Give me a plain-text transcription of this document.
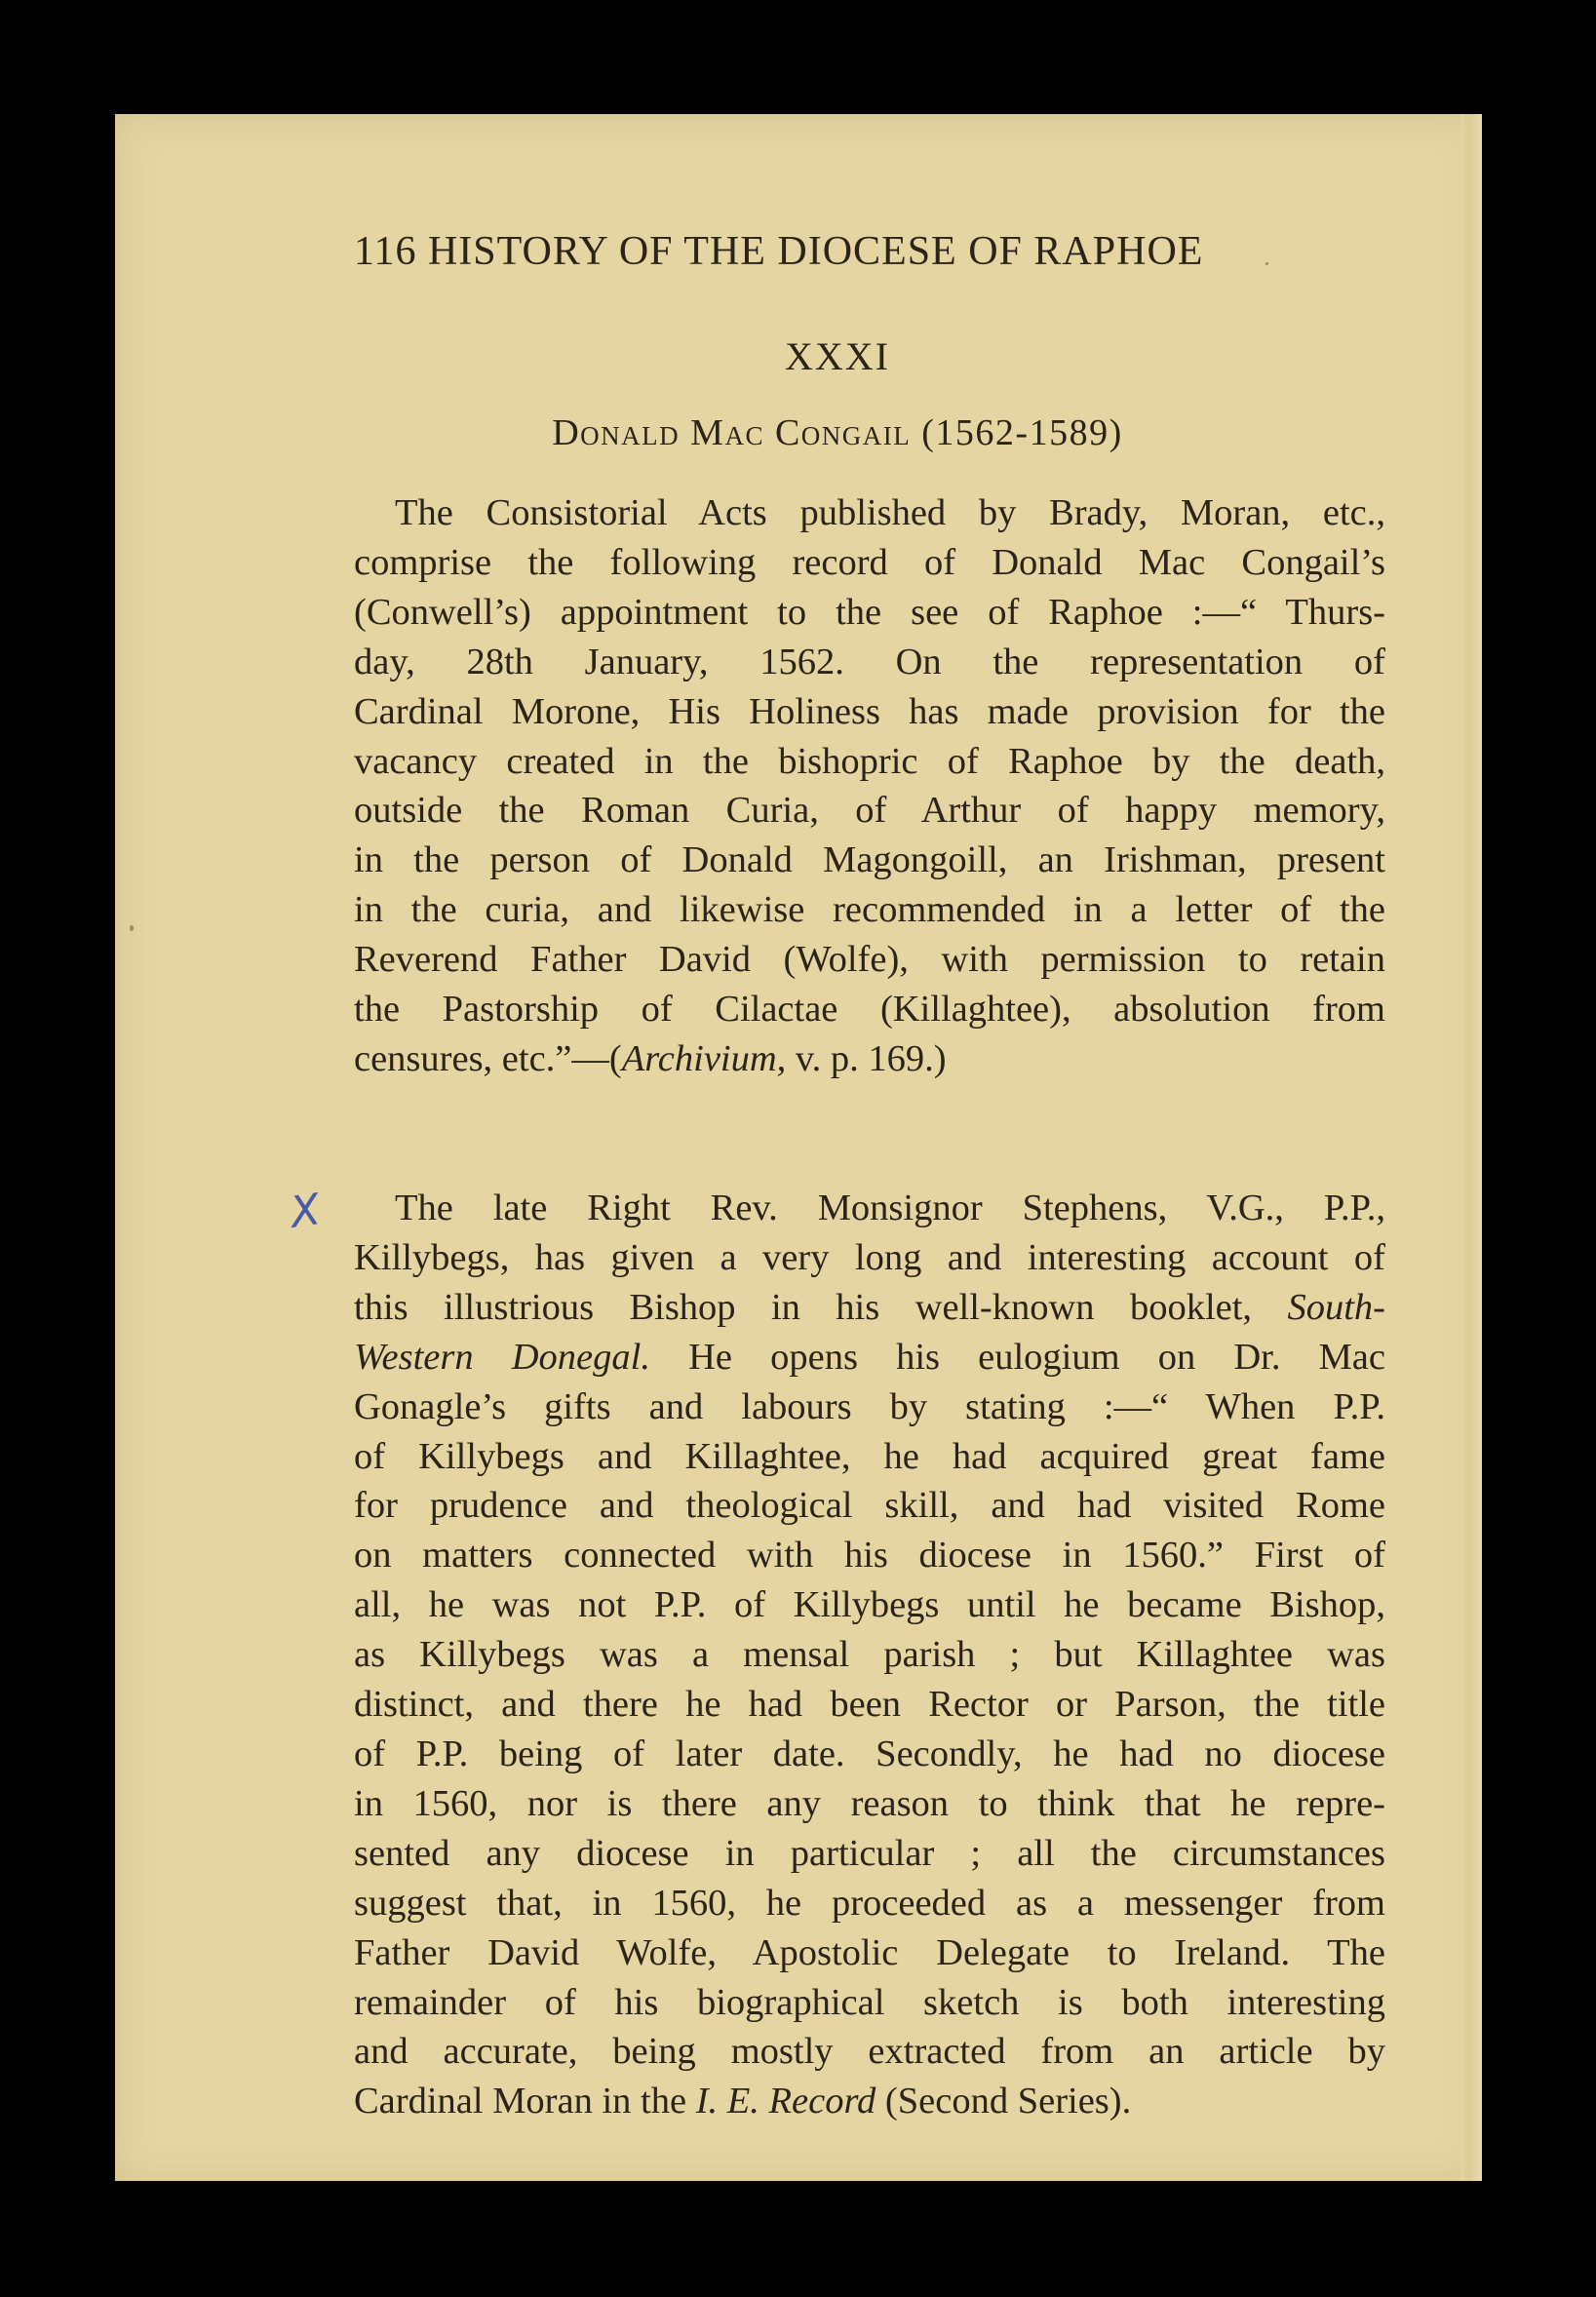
116 HISTORY OF THE DIOCESE OF RAPHOE
XXXI
Donald Mac Congail (1562-1589)
The Consistorial Acts published by Brady, Moran, etc.,
comprise the following record of Donald Mac Congail’s
(Conwell’s) appointment to the see of Raphoe :—“ Thurs-
day, 28th January, 1562. On the representation of
Cardinal Morone, His Holiness has made provision for the
vacancy created in the bishopric of Raphoe by the death,
outside the Roman Curia, of Arthur of happy memory,
in the person of Donald Magongoill, an Irishman, present
in the curia, and likewise recommended in a letter of the
Reverend Father David (Wolfe), with permission to retain
the Pastorship of Cilactae (Killaghtee), absolution from
censures, etc.”—(Archivium, v. p. 169.)
X	The late Right Rev. Monsignor Stephens, V.G., P.P.,
Killybegs, has given a very long and interesting account of
this illustrious Bishop in his well-known booklet, South-
Western Donegal. He opens his eulogium on Dr. Mac
Gonagle’s gifts and labours by stating :—“ When P.P.
of Killybegs and Killaghtee, he had acquired great fame
for prudence and theological skill, and had visited Rome
on matters connected with his diocese in 1560.” First of
all, he was not P.P. of Killybegs until he became Bishop,
as Killybegs was a mensal parish ; but Killaghtee was
distinct, and there he had been Rector or Parson, the title
of P.P. being of later date. Secondly, he had no diocese
in 1560, nor is there any reason to think that he repre-
sented any diocese in particular ; all the circumstances
suggest that, in 1560, he proceeded as a messenger from
Father David Wolfe, Apostolic Delegate to Ireland. The
remainder of his biographical sketch is both interesting
and accurate, being mostly extracted from an article by
Cardinal Moran in the I. E. Record (Second Series).
